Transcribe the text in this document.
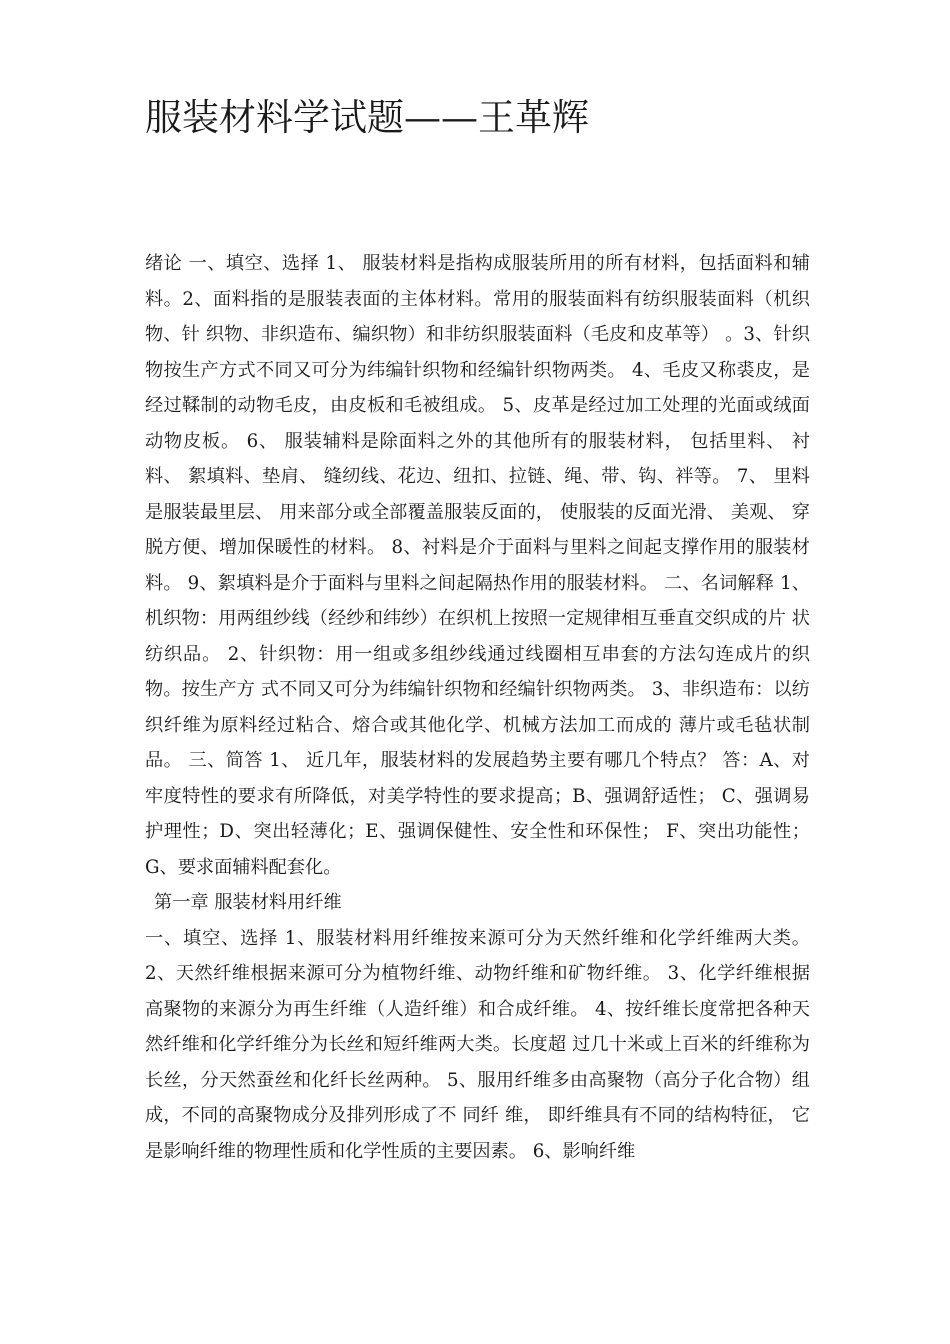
服装材料学试题——王革辉

绪论 一、填空、选择 1、 服装材料是指构成服装所用的所有材料，包括面料和辅料。2、面料指的是服装表面的主体材料。常用的服装面料有纺织服装面料（机织物、针 织物、非织造布、编织物）和非纺织服装面料（毛皮和皮革等） 。3、针织物按生产方式不同又可分为纬编针织物和经编针织物两类。 4、毛皮又称裘皮，是经过鞣制的动物毛皮，由皮板和毛被组成。 5、皮革是经过加工处理的光面或绒面动物皮板。 6、 服装辅料是除面料之外的其他所有的服装材料， 包括里料、 衬料、 絮填料、垫肩、 缝纫线、花边、纽扣、拉链、绳、带、钩、袢等。 7、 里料是服装最里层、 用来部分或全部覆盖服装反面的， 使服装的反面光滑、 美观、 穿脱方便、增加保暖性的材料。 8、衬料是介于面料与里料之间起支撑作用的服装材料。 9、絮填料是介于面料与里料之间起隔热作用的服装材料。 二、名词解释 1、机织物：用两组纱线（经纱和纬纱）在织机上按照一定规律相互垂直交织成的片 状纺织品。 2、针织物：用一组或多组纱线通过线圈相互串套的方法勾连成片的织物。按生产方 式不同又可分为纬编针织物和经编针织物两类。 3、非织造布：以纺织纤维为原料经过粘合、熔合或其他化学、机械方法加工而成的 薄片或毛毡状制品。 三、简答 1、 近几年，服装材料的发展趋势主要有哪几个特点？ 答：A、对牢度特性的要求有所降低，对美学特性的要求提高；B、强调舒适性； C、强调易护理性；D、突出轻薄化；E、强调保健性、安全性和环保性； F、突出功能性；G、要求面辅料配套化。

第一章 服装材料用纤维

一、填空、选择 1、服装材料用纤维按来源可分为天然纤维和化学纤维两大类。2、天然纤维根据来源可分为植物纤维、动物纤维和矿物纤维。 3、化学纤维根据高聚物的来源分为再生纤维（人造纤维）和合成纤维。 4、按纤维长度常把各种天然纤维和化学纤维分为长丝和短纤维两大类。长度超 过几十米或上百米的纤维称为长丝，分天然蚕丝和化纤长丝两种。 5、服用纤维多由高聚物（高分子化合物）组成，不同的高聚物成分及排列形成了不 同纤 维， 即纤维具有不同的结构特征， 它是影响纤维的物理性质和化学性质的主要因素。 6、影响纤维
